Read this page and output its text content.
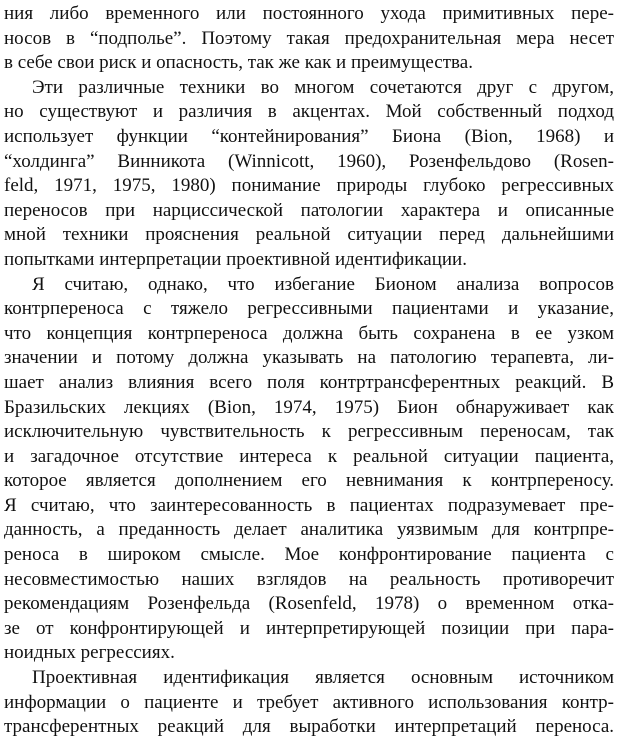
ния либо временного или постоянного ухода примитивных пере-
носов в “подполье”. Поэтому такая предохранительная мера несет
в себе свои риск и опасность, так же как и преимущества.
Эти различные техники во многом сочетаются друг с другом,
но существуют и различия в акцентах. Мой собственный подход
использует функции “контейнирования” Биона (Bion, 1968) и
“холдинга” Винникота (Winnicott, 1960), Розенфельдово (Rosen-
feld, 1971, 1975, 1980) понимание природы глубоко регрессивных
переносов при нарциссической патологии характера и описанные
мной техники прояснения реальной ситуации перед дальнейшими
попытками интерпретации проективной идентификации.
Я считаю, однако, что избегание Бионом анализа вопросов
контрпереноса с тяжело регрессивными пациентами и указание,
что концепция контрпереноса должна быть сохранена в ее узком
значении и потому должна указывать на патологию терапевта, ли-
шает анализ влияния всего поля контртрансферентных реакций. В
Бразильских лекциях (Bion, 1974, 1975) Бион обнаруживает как
исключительную чувствительность к регрессивным переносам, так
и загадочное отсутствие интереса к реальной ситуации пациента,
которое является дополнением его невнимания к контрпереносу.
Я считаю, что заинтересованность в пациентах подразумевает пре-
данность, а преданность делает аналитика уязвимым для контрпре-
реноса в широком смысле. Мое конфронтирование пациента с
несовместимостью наших взглядов на реальность противоречит
рекомендациям Розенфельда (Rosenfeld, 1978) о временном отка-
зе от конфронтирующей и интерпретирующей позиции при пара-
ноидных регрессиях.
Проективная идентификация является основным источником
информации о пациенте и требует активного использования контр-
трансферентных реакций для выработки интерпретаций переноса.
